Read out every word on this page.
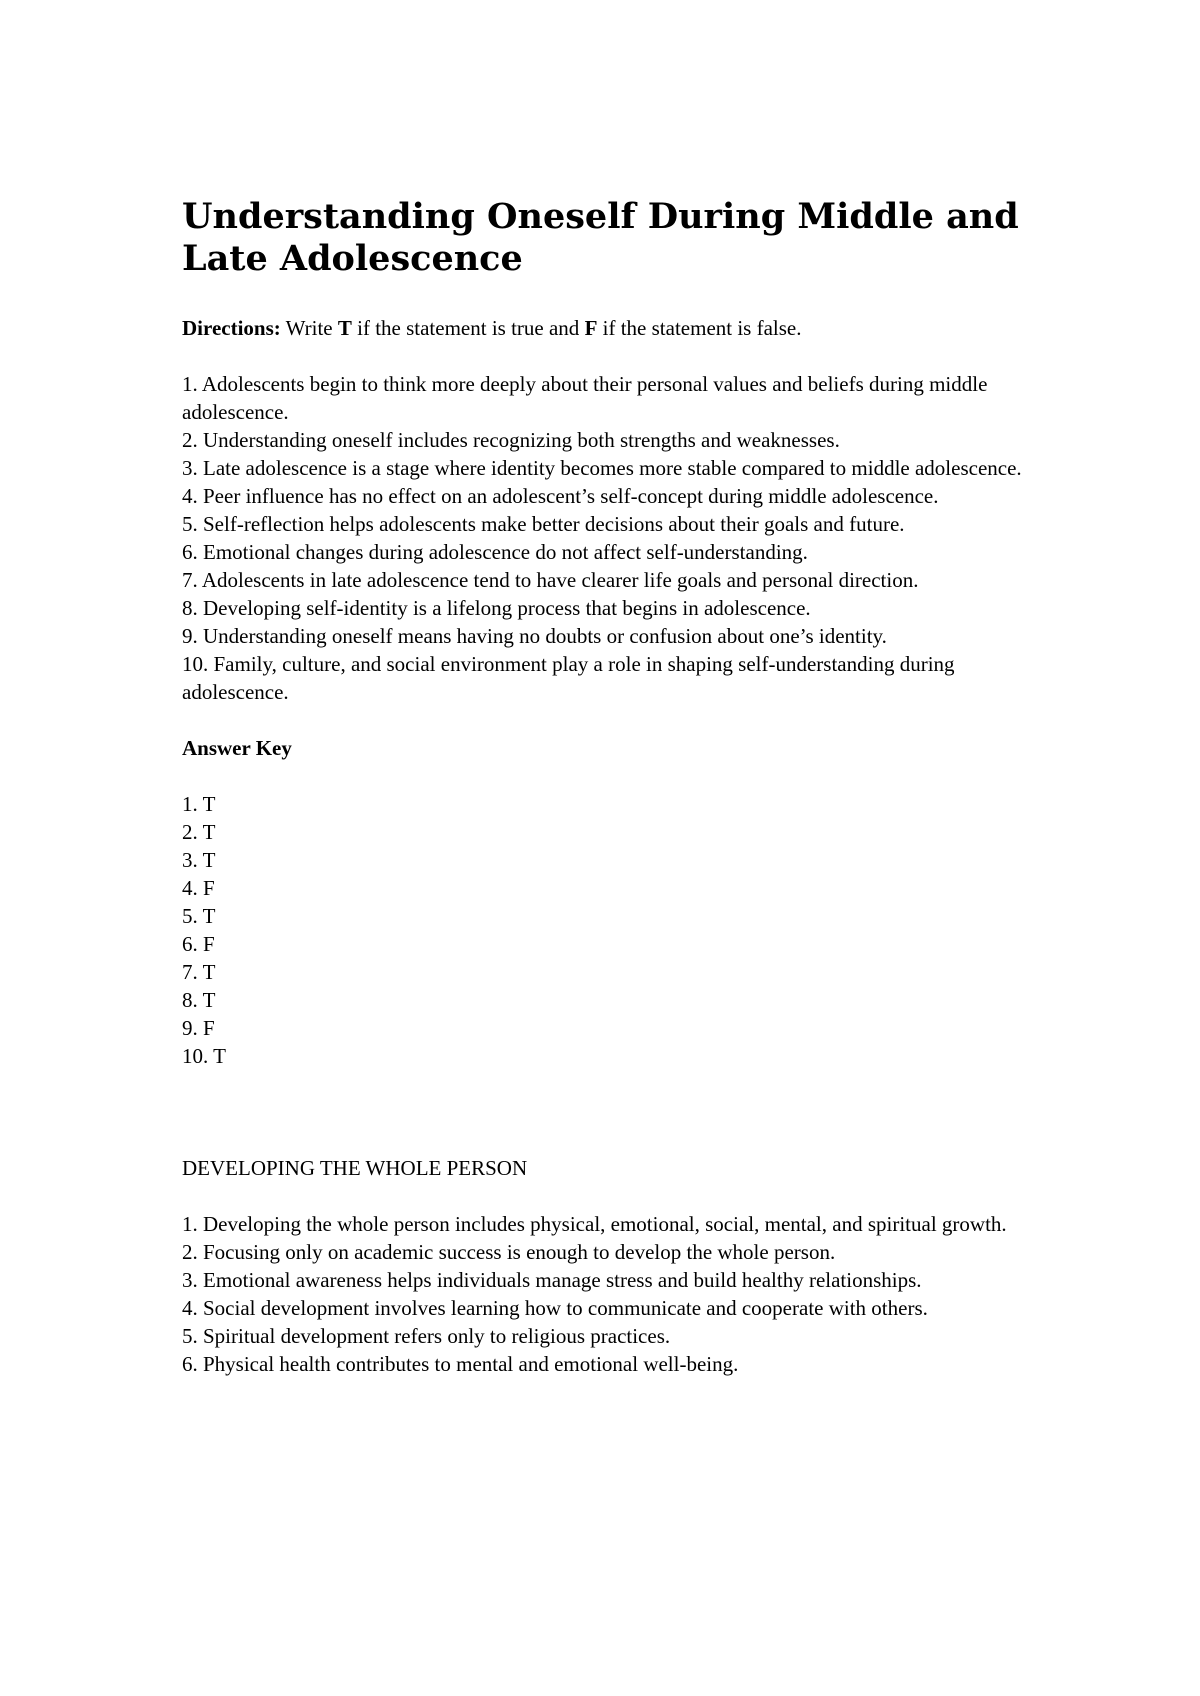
Understanding Oneself During Middle and Late Adolescence

Directions: Write T if the statement is true and F if the statement is false.

1. Adolescents begin to think more deeply about their personal values and beliefs during middle adolescence.
2. Understanding oneself includes recognizing both strengths and weaknesses.
3. Late adolescence is a stage where identity becomes more stable compared to middle adolescence.
4. Peer influence has no effect on an adolescent’s self-concept during middle adolescence.
5. Self-reflection helps adolescents make better decisions about their goals and future.
6. Emotional changes during adolescence do not affect self-understanding.
7. Adolescents in late adolescence tend to have clearer life goals and personal direction.
8. Developing self-identity is a lifelong process that begins in adolescence.
9. Understanding oneself means having no doubts or confusion about one’s identity.
10. Family, culture, and social environment play a role in shaping self-understanding during adolescence.
Answer Key
1. T
2. T
3. T
4. F
5. T
6. F
7. T
8. T
9. F
10. T
DEVELOPING THE WHOLE PERSON
1. Developing the whole person includes physical, emotional, social, mental, and spiritual growth.
2. Focusing only on academic success is enough to develop the whole person.
3. Emotional awareness helps individuals manage stress and build healthy relationships.
4. Social development involves learning how to communicate and cooperate with others.
5. Spiritual development refers only to religious practices.
6. Physical health contributes to mental and emotional well-being.
